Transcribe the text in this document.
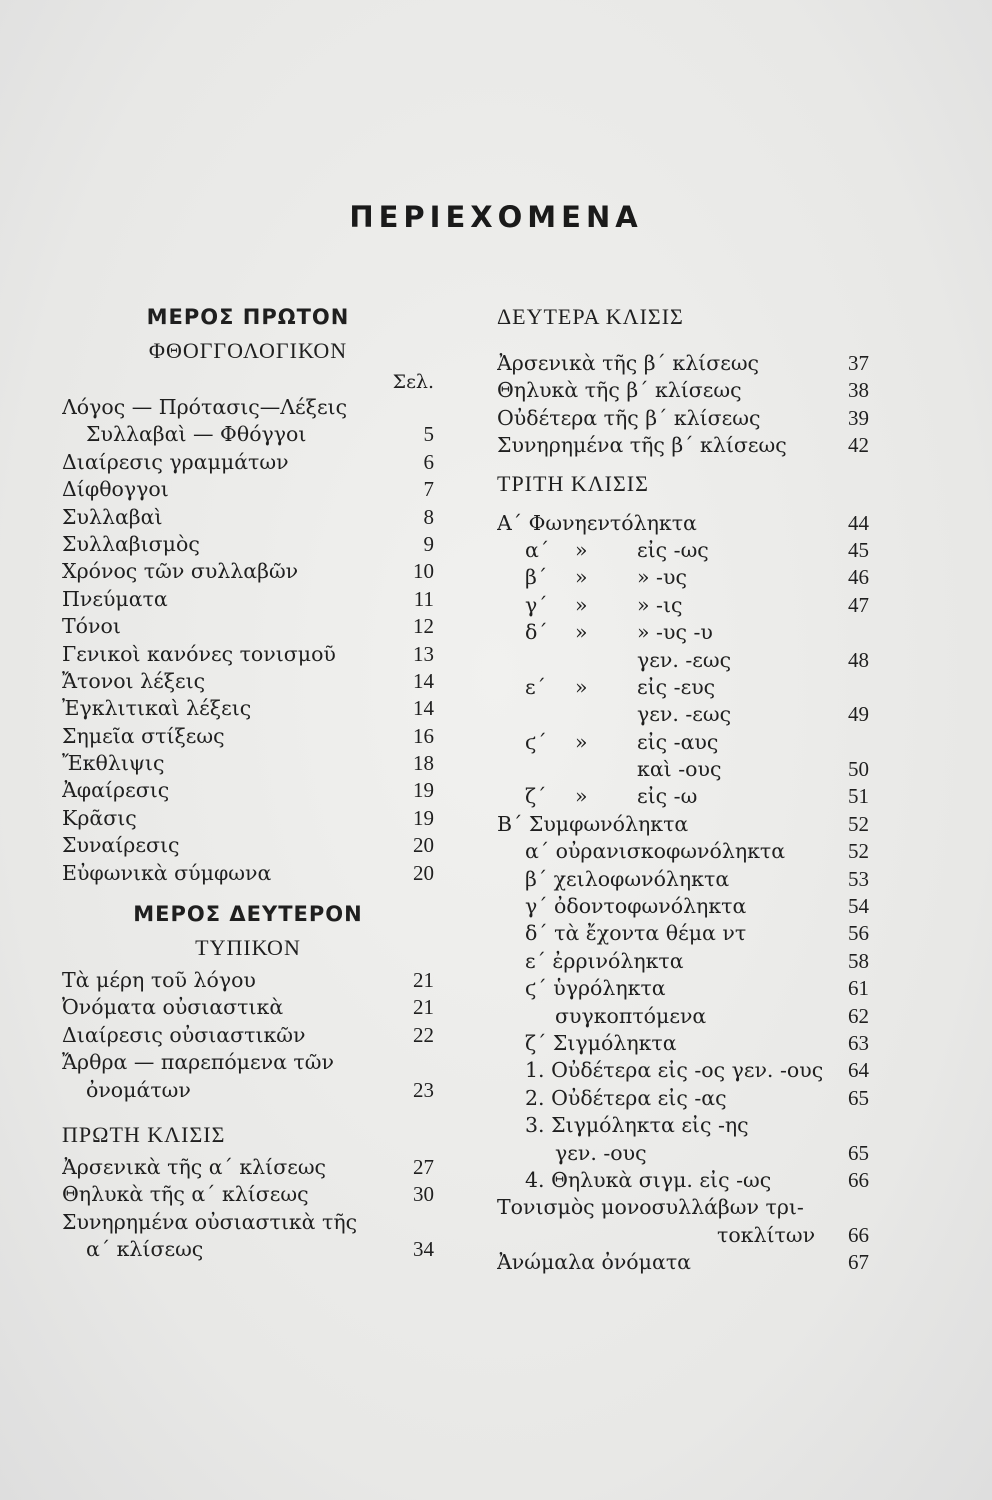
ΠΕΡΙΕΧΟΜΕΝΑ
ΜΕΡΟΣ ΠΡΩΤΟΝ
ΦΘΟΓΓΟΛΟΓΙΚΟΝ
Σελ.
Λόγος — Πρότασις—Λέξεις
Συλλαβαὶ — Φθόγγοι	5
Διαίρεσις γραμμάτων	6
Δίφθογγοι	7
Συλλαβαὶ	8
Συλλαβισμὸς	9
Χρόνος τῶν συλλαβῶν	10
Πνεύματα	11
Τόνοι	12
Γενικοὶ κανόνες τονισμοῦ	13
Ἄτονοι λέξεις	14
Ἐγκλιτικαὶ λέξεις	14
Σημεῖα στίξεως	16
Ἔκθλιψις	18
Ἀφαίρεσις	19
Κρᾶσις	19
Συναίρεσις	20
Εὐφωνικὰ σύμφωνα	20
ΜΕΡΟΣ ΔΕΥΤΕΡΟΝ
ΤΥΠΙΚΟΝ
Τὰ μέρη τοῦ λόγου	21
Ὀνόματα οὐσιαστικὰ	21
Διαίρεσις οὐσιαστικῶν	22
Ἄρθρα — παρεπόμενα τῶν
ὀνομάτων	23
ΠΡΩΤΗ ΚΛΙΣΙΣ
Ἀρσενικὰ τῆς α΄ κλίσεως	27
Θηλυκὰ τῆς α΄ κλίσεως	30
Συνηρημένα οὐσιαστικὰ τῆς
α΄ κλίσεως	34
ΔΕΥΤΕΡΑ ΚΛΙΣΙΣ
Ἀρσενικὰ τῆς β΄ κλίσεως	37
Θηλυκὰ τῆς β΄ κλίσεως	38
Οὐδέτερα τῆς β΄ κλίσεως	39
Συνηρημένα τῆς β΄ κλίσεως	42
ΤΡΙΤΗ ΚΛΙΣΙΣ
Α΄ Φωνηεντόληκτα	44
α΄	»	εἰς -ως	45
β΄	»	» -υς	46
γ΄	»	» -ις	47
δ΄	»	» -υς -υ
γεν. -εως	48
ε΄	»	εἰς -ευς
γεν. -εως	49
ϛ΄	»	εἰς -αυς
καὶ -ους	50
ζ΄	»	εἰς -ω	51
Β΄ Συμφωνόληκτα	52
α΄ οὐρανισκοφωνόληκτα	52
β΄ χειλοφωνόληκτα	53
γ΄ ὀδοντοφωνόληκτα	54
δ΄ τὰ ἔχοντα θέμα ντ	56
ε΄ ἐρρινόληκτα	58
ϛ΄ ὑγρόληκτα	61
συγκοπτόμενα	62
ζ΄ Σιγμόληκτα	63
1. Οὐδέτερα εἰς -ος γεν. -ους 64
2. Οὐδέτερα εἰς -ας	65
3. Σιγμόληκτα εἰς -ης
γεν. -ους	65
4. Θηλυκὰ σιγμ. εἰς -ως	66
Τονισμὸς μονοσυλλάβων τρι-
τοκλίτων 66
Ἀνώμαλα ὀνόματα	67
